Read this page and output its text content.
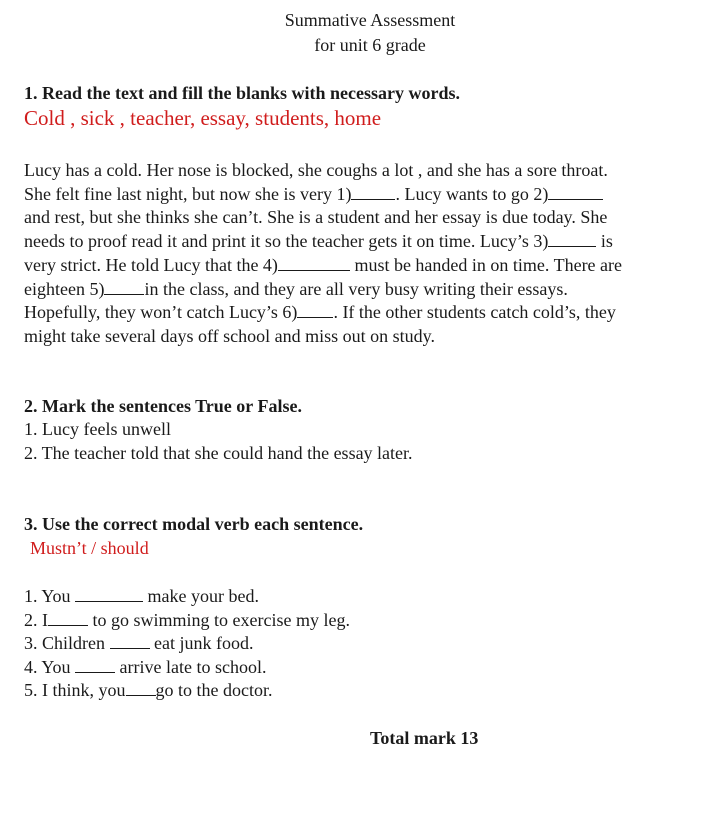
Summative Assessment
for unit 6 grade
1. Read the text and fill the blanks with necessary words.
Cold , sick , teacher, essay, students, home
Lucy has a cold. Her nose is blocked, she coughs a lot , and she has a sore throat.
She felt fine last night, but now she is very 1) . Lucy wants to go 2)
and rest, but she thinks she can’t. She is a student and her essay is due today. She
needs to proof read it and print it so the teacher gets it on time. Lucy’s 3)	is
very strict. He told Lucy that the 4)	must be handed in on time. There are
eighteen 5) in the class, and they are all very busy writing their essays.
Hopefully, they won’t catch Lucy’s 6) . If the other students catch cold’s, they
might take several days off school and miss out on study.
2. Mark the sentences True or False.
1. Lucy feels unwell
2. The teacher told that she could hand the essay later.
3. Use the correct modal verb each sentence.
Mustn’t / should
1. You	make your bed.
2. I to go swimming to exercise my leg.
3. Children  eat junk food.
4. You  arrive late to school.
5. I think, you go to the doctor.
Total mark 13
